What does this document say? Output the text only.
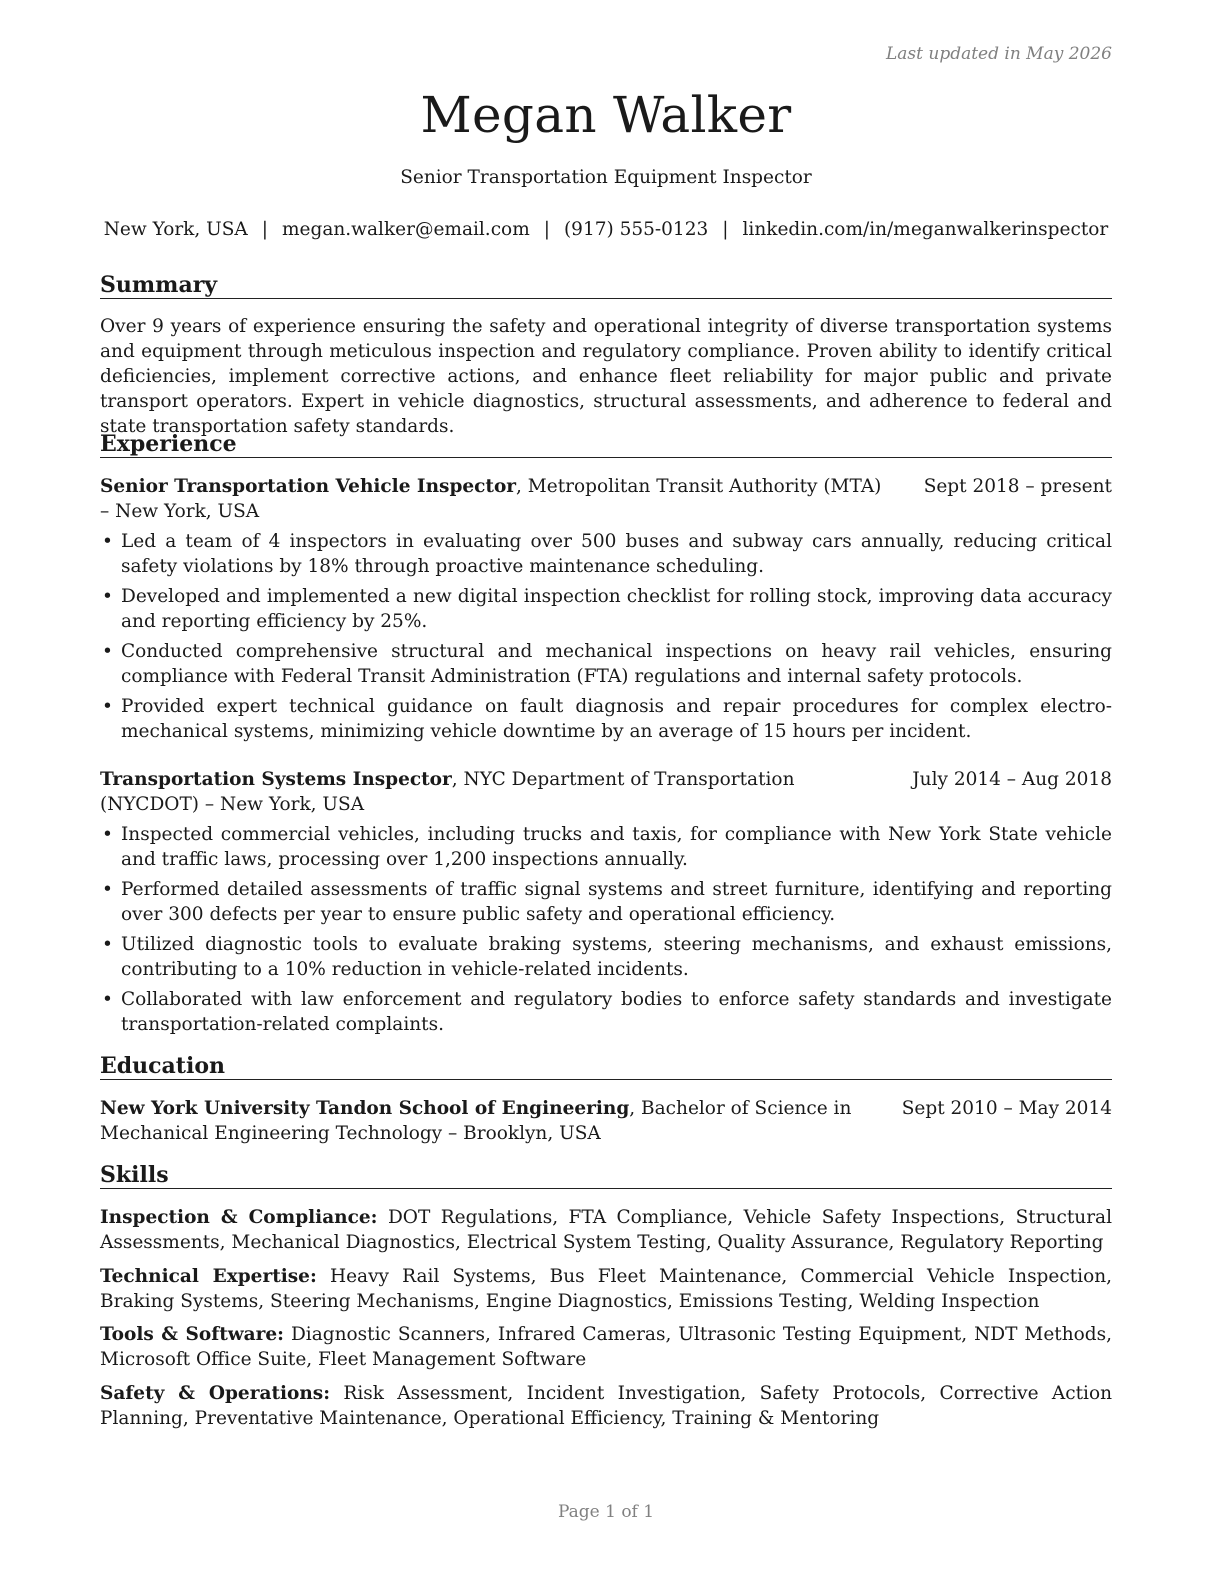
Last updated in May 2026
Megan Walker
Senior Transportation Equipment Inspector
New York, USA | megan.walker@email.com | (917) 555-0123 | linkedin.com/in/meganwalkerinspector
Summary
Over 9 years of experience ensuring the safety and operational integrity of diverse transportation systems and equipment through meticulous inspection and regulatory compliance. Proven ability to identify critical deficiencies, implement corrective actions, and enhance fleet reliability for major public and private transport operators. Expert in vehicle diagnostics, structural assessments, and adherence to federal and state transportation safety standards.
Experience
Senior Transportation Vehicle Inspector, Metropolitan Transit Authority (MTA) – New York, USA
Sept 2018 – present
• Led a team of 4 inspectors in evaluating over 500 buses and subway cars annually, reducing critical safety violations by 18% through proactive maintenance scheduling.
• Developed and implemented a new digital inspection checklist for rolling stock, improving data accuracy and reporting efficiency by 25%.
• Conducted comprehensive structural and mechanical inspections on heavy rail vehicles, ensuring compliance with Federal Transit Administration (FTA) regulations and internal safety protocols.
• Provided expert technical guidance on fault diagnosis and repair procedures for complex electro-mechanical systems, minimizing vehicle downtime by an average of 15 hours per incident.
Transportation Systems Inspector, NYC Department of Transportation (NYCDOT) – New York, USA
July 2014 – Aug 2018
• Inspected commercial vehicles, including trucks and taxis, for compliance with New York State vehicle and traffic laws, processing over 1,200 inspections annually.
• Performed detailed assessments of traffic signal systems and street furniture, identifying and reporting over 300 defects per year to ensure public safety and operational efficiency.
• Utilized diagnostic tools to evaluate braking systems, steering mechanisms, and exhaust emissions, contributing to a 10% reduction in vehicle-related incidents.
• Collaborated with law enforcement and regulatory bodies to enforce safety standards and investigate transportation-related complaints.
Education
New York University Tandon School of Engineering, Bachelor of Science in Mechanical Engineering Technology – Brooklyn, USA
Sept 2010 – May 2014
Skills
Inspection & Compliance: DOT Regulations, FTA Compliance, Vehicle Safety Inspections, Structural Assessments, Mechanical Diagnostics, Electrical System Testing, Quality Assurance, Regulatory Reporting
Technical Expertise: Heavy Rail Systems, Bus Fleet Maintenance, Commercial Vehicle Inspection, Braking Systems, Steering Mechanisms, Engine Diagnostics, Emissions Testing, Welding Inspection
Tools & Software: Diagnostic Scanners, Infrared Cameras, Ultrasonic Testing Equipment, NDT Methods, Microsoft Office Suite, Fleet Management Software
Safety & Operations: Risk Assessment, Incident Investigation, Safety Protocols, Corrective Action Planning, Preventative Maintenance, Operational Efficiency, Training & Mentoring
Page 1 of 1
